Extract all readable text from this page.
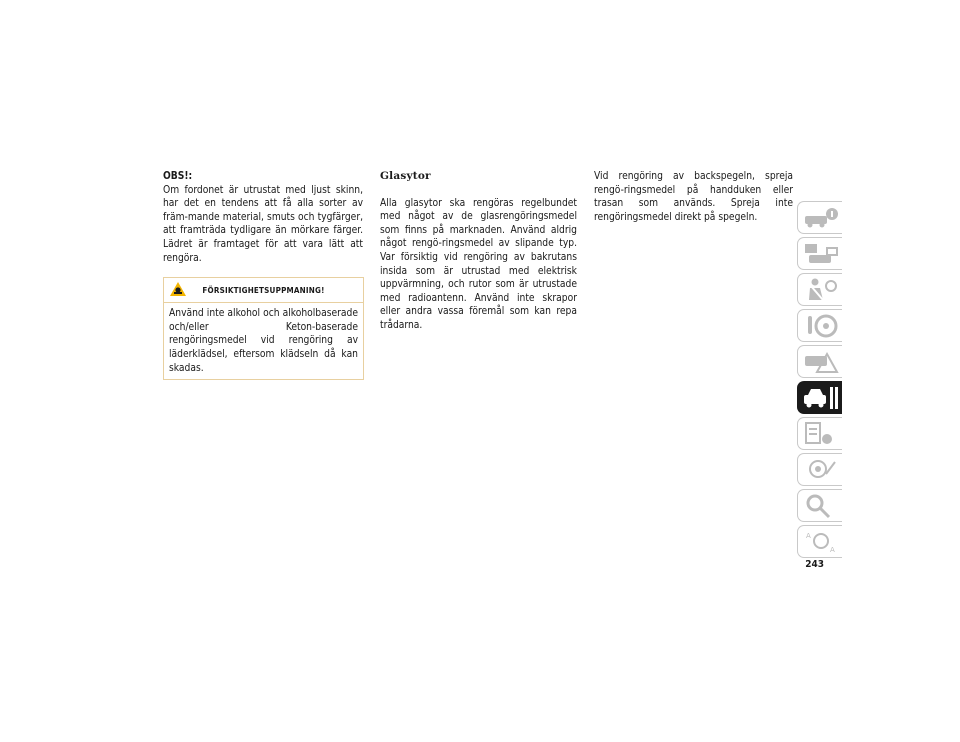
OBS!:

Om fordonet är utrustat med ljust skinn, har det en tendens att få alla sorter av främ-mande material, smuts och tygfärger, att framträda tydligare än mörkare färger. Lädret är framtaget för att vara lätt att rengöra.

FÖRSIKTIGHETSUPPMANING!

Använd inte alkohol och alkoholbaserade och/eller Keton-baserade rengöringsmedel vid rengöring av läderklädsel, eftersom klädseln då kan skadas.

Glasytor

Alla glasytor ska rengöras regelbundet med något av de glasrengöringsmedel som finns på marknaden. Använd aldrig något rengö-ringsmedel av slipande typ. Var försiktig vid rengöring av bakrutans insida som är utrustad med elektrisk uppvärmning, och rutor som är utrustade med radioantenn. Använd inte skrapor eller andra vassa föremål som kan repa trådarna.

Vid rengöring av backspegeln, spreja rengö-ringsmedel på handduken eller trasan som används. Spreja inte rengöringsmedel direkt på spegeln.

A
A
243
